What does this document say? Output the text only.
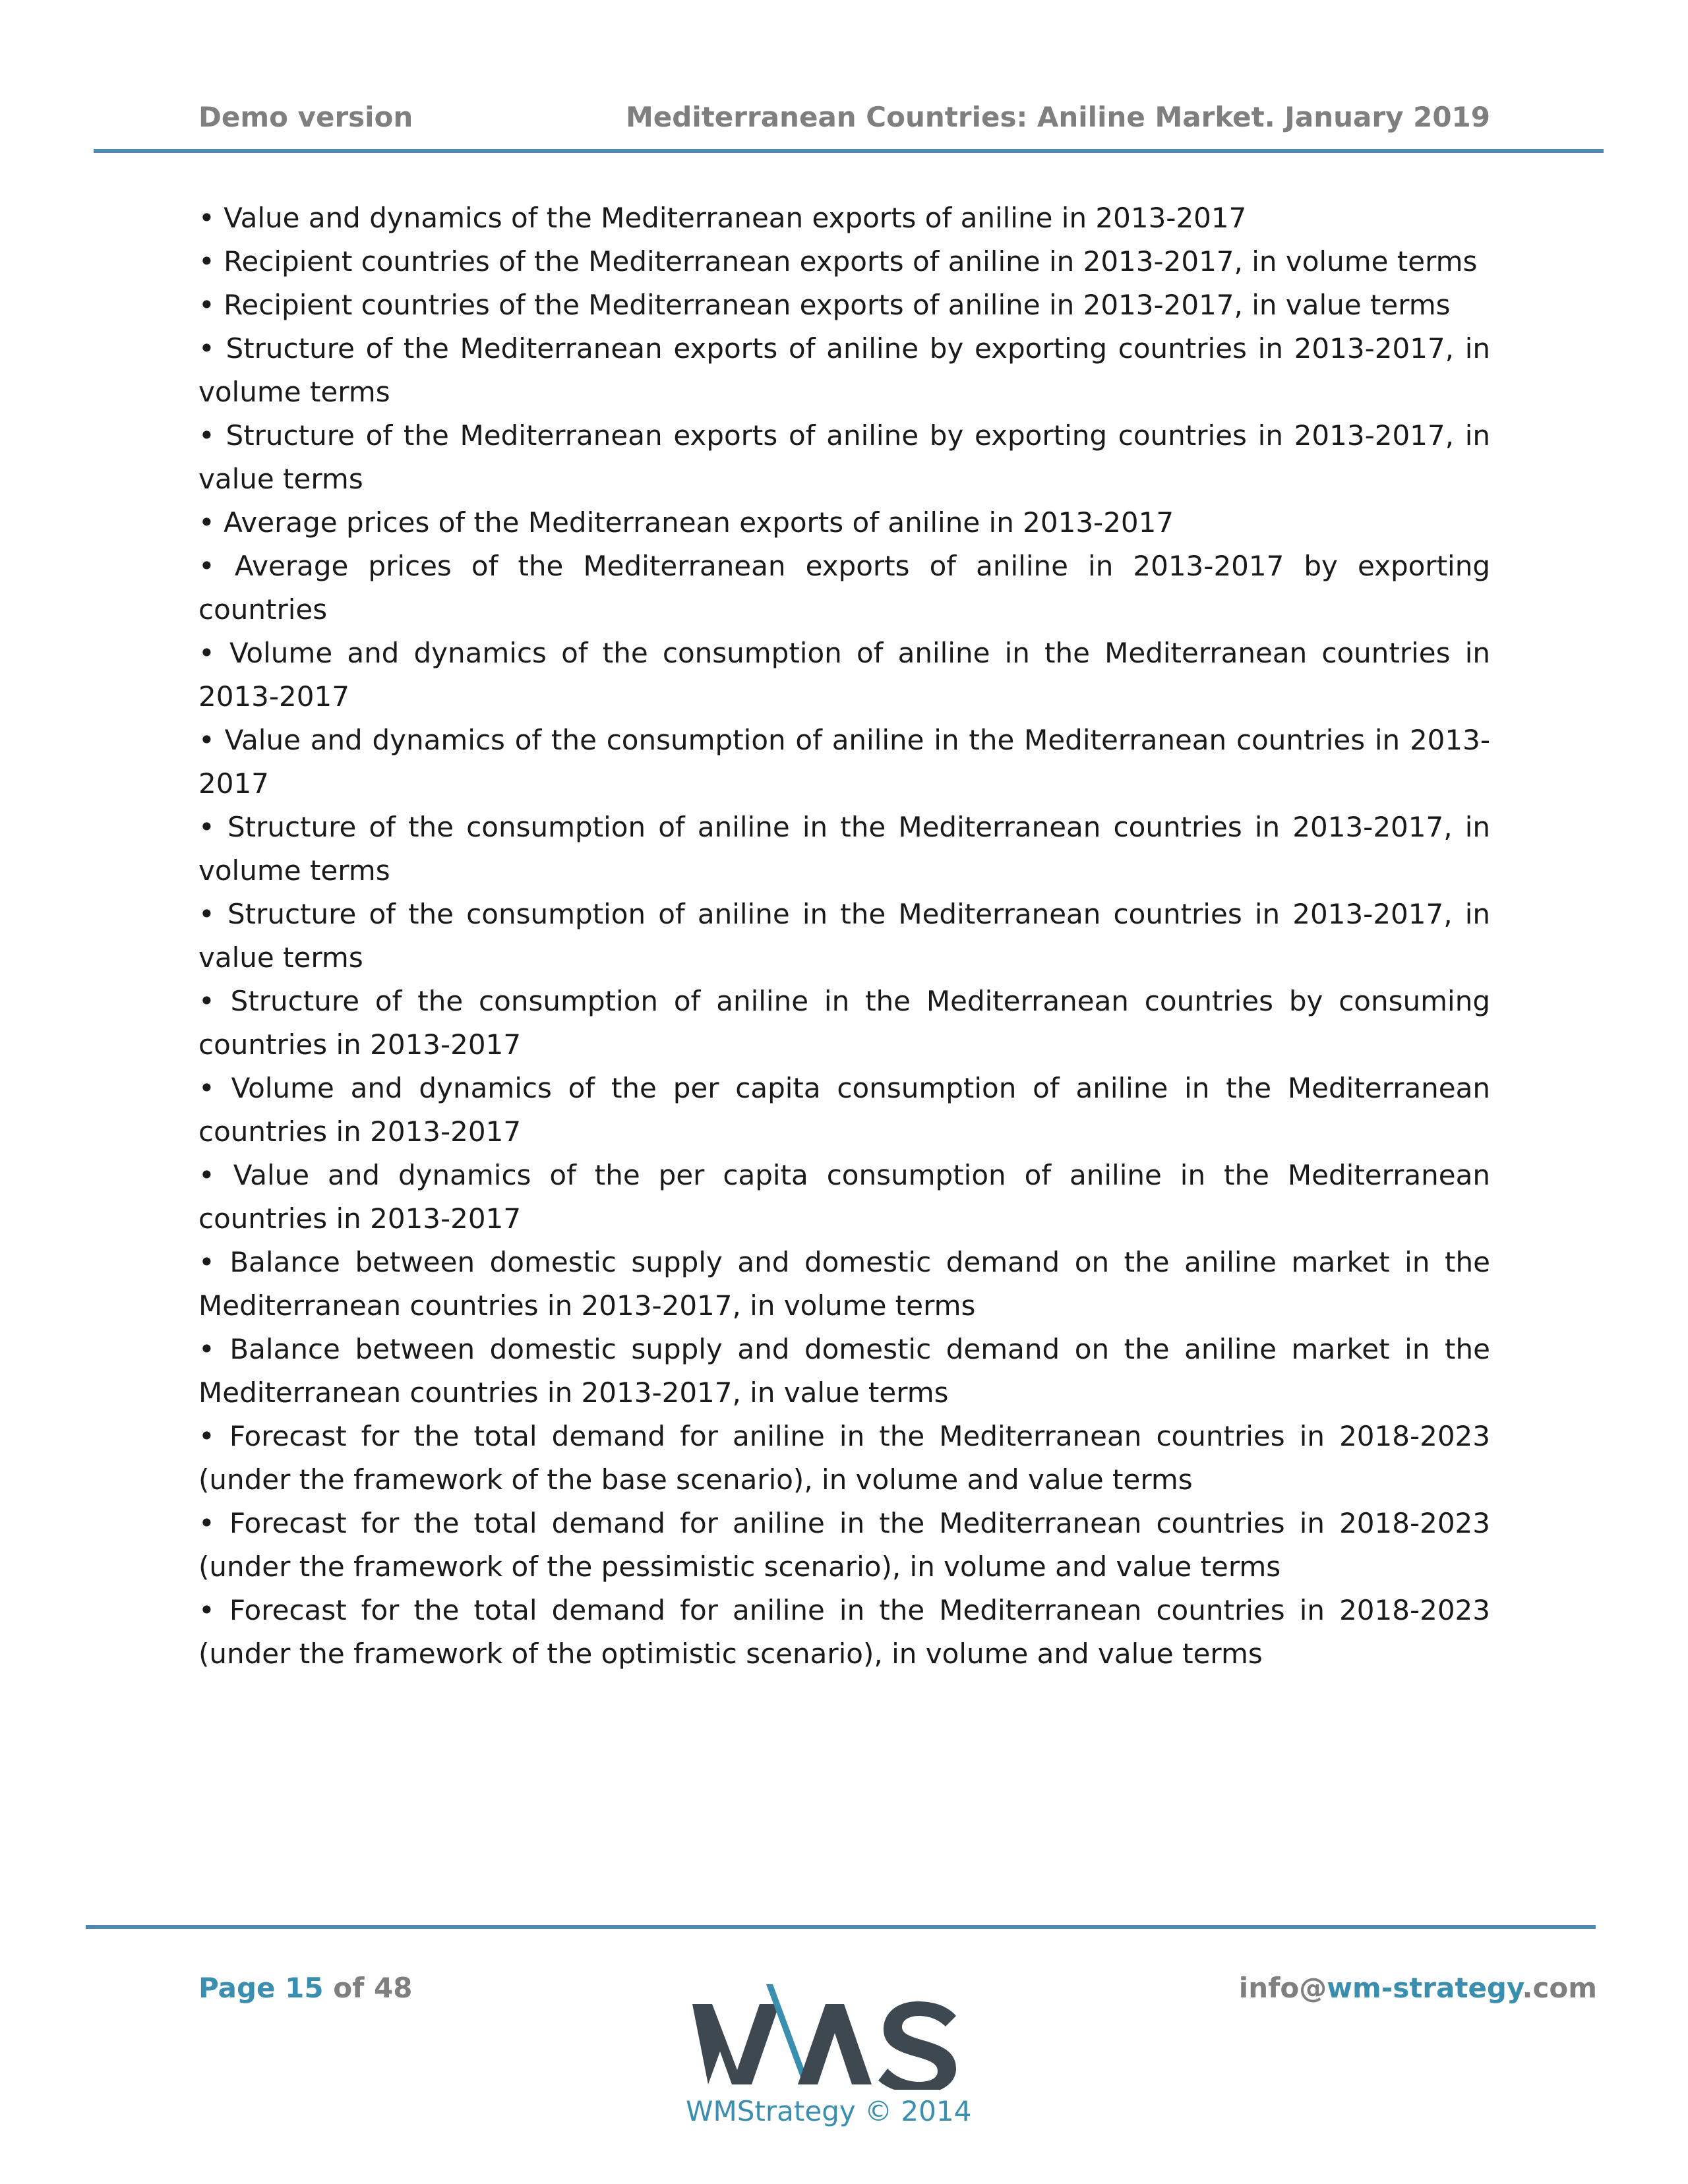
Demo version	Mediterranean Countries: Aniline Market. January 2019
• Value and dynamics of the Mediterranean exports of aniline in 2013-2017
• Recipient countries of the Mediterranean exports of aniline in 2013-2017, in volume terms
• Recipient countries of the Mediterranean exports of aniline in 2013-2017, in value terms
• Structure of the Mediterranean exports of aniline by exporting countries in 2013-2017, in volume terms
• Structure of the Mediterranean exports of aniline by exporting countries in 2013-2017, in value terms
• Average prices of the Mediterranean exports of aniline in 2013-2017
• Average prices of the Mediterranean exports of aniline in 2013-2017 by exporting countries
• Volume and dynamics of the consumption of aniline in the Mediterranean countries in 2013-2017
• Value and dynamics of the consumption of aniline in the Mediterranean countries in 2013-2017
• Structure of the consumption of aniline in the Mediterranean countries in 2013-2017, in volume terms
• Structure of the consumption of aniline in the Mediterranean countries in 2013-2017, in value terms
• Structure of the consumption of aniline in the Mediterranean countries by consuming countries in 2013-2017
• Volume and dynamics of the per capita consumption of aniline in the Mediterranean countries in 2013-2017
• Value and dynamics of the per capita consumption of aniline in the Mediterranean countries in 2013-2017
• Balance between domestic supply and domestic demand on the aniline market in the Mediterranean countries in 2013-2017, in volume terms
• Balance between domestic supply and domestic demand on the aniline market in the Mediterranean countries in 2013-2017, in value terms
• Forecast for the total demand for aniline in the Mediterranean countries in 2018-2023 (under the framework of the base scenario), in volume and value terms
• Forecast for the total demand for aniline in the Mediterranean countries in 2018-2023 (under the framework of the pessimistic scenario), in volume and value terms
• Forecast for the total demand for aniline in the Mediterranean countries in 2018-2023 (under the framework of the optimistic scenario), in volume and value terms
Page 15 of 48	info@wm-strategy.com
WMStrategy © 2014
